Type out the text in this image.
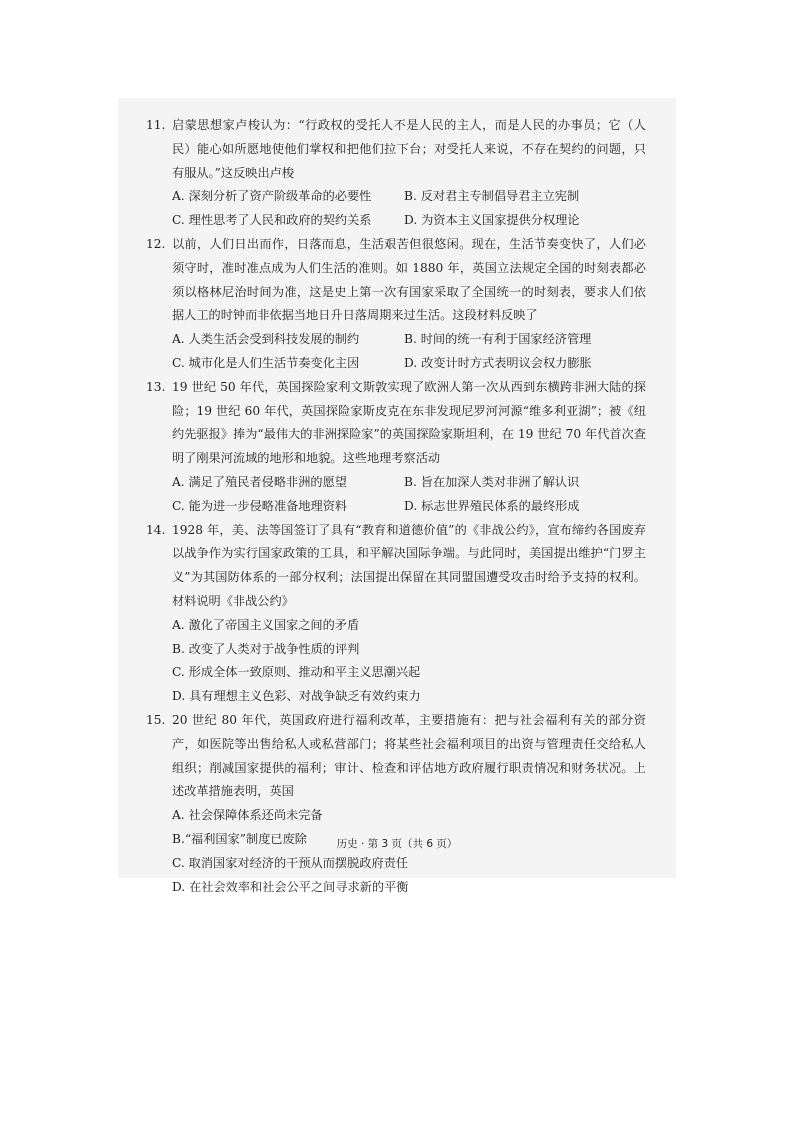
11. 启蒙思想家卢梭认为：“行政权的受托人不是人民的主人，而是人民的办事员；它（人民）能心如所愿地使他们掌权和把他们拉下台；对受托人来说，不存在契约的问题，只有服从。”这反映出卢梭
A. 深刻分析了资产阶级革命的必要性	B. 反对君主专制倡导君主立宪制
C. 理性思考了人民和政府的契约关系	D. 为资本主义国家提供分权理论
12. 以前，人们日出而作，日落而息，生活艰苦但很悠闲。现在，生活节奏变快了，人们必须守时，准时准点成为人们生活的准则。如 1880 年，英国立法规定全国的时刻表都必须以格林尼治时间为准，这是史上第一次有国家采取了全国统一的时刻表，要求人们依据人工的时钟而非依据当地日升日落周期来过生活。这段材料反映了
A. 人类生活会受到科技发展的制约	B. 时间的统一有利于国家经济管理
C. 城市化是人们生活节奏变化主因	D. 改变计时方式表明议会权力膨胀
13. 19 世纪 50 年代，英国探险家利文斯敦实现了欧洲人第一次从西到东横跨非洲大陆的探险；19 世纪 60 年代，英国探险家斯皮克在东非发现尼罗河河源“维多利亚湖”；被《纽约先驱报》捧为“最伟大的非洲探险家”的英国探险家斯坦利，在 19 世纪 70 年代首次查明了刚果河流域的地形和地貌。这些地理考察活动
A. 满足了殖民者侵略非洲的愿望	B. 旨在加深人类对非洲了解认识
C. 能为进一步侵略准备地理资料	D. 标志世界殖民体系的最终形成
14. 1928 年，美、法等国签订了具有“教育和道德价值”的《非战公约》，宣布缔约各国废弃以战争作为实行国家政策的工具，和平解决国际争端。与此同时，美国提出维护“门罗主义”为其国防体系的一部分权利；法国提出保留在其同盟国遭受攻击时给予支持的权利。材料说明《非战公约》
A. 激化了帝国主义国家之间的矛盾
B. 改变了人类对于战争性质的评判
C. 形成全体一致原则、推动和平主义思潮兴起
D. 具有理想主义色彩、对战争缺乏有效约束力
15. 20 世纪 80 年代，英国政府进行福利改革，主要措施有：把与社会福利有关的部分资产，如医院等出售给私人或私营部门；将某些社会福利项目的出资与管理责任交给私人组织；削减国家提供的福利；审计、检查和评估地方政府履行职责情况和财务状况。上述改革措施表明，英国
A. 社会保障体系还尚未完备
B.“福利国家”制度已废除
C. 取消国家对经济的干预从而摆脱政府责任
D. 在社会效率和社会公平之间寻求新的平衡
历史 · 第 3 页（共 6 页）
